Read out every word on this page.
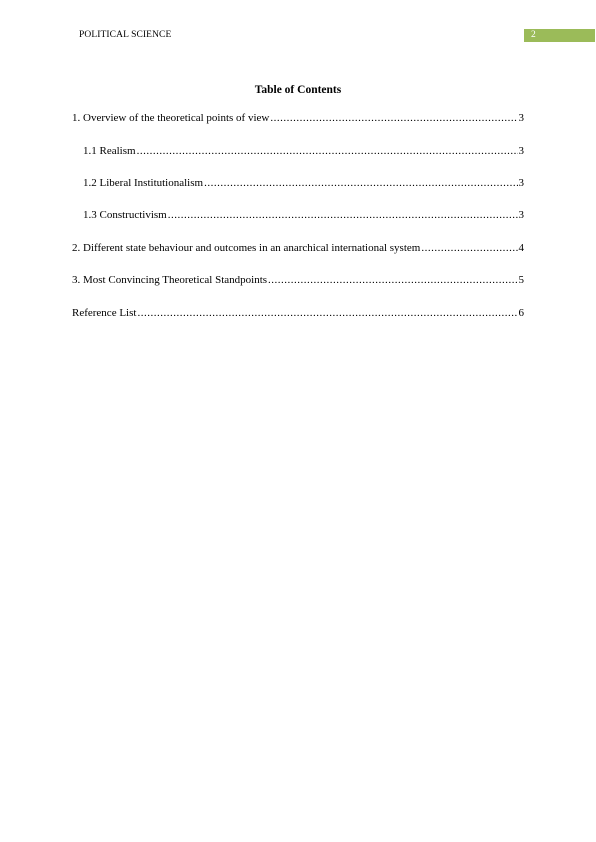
POLITICAL SCIENCE	2
Table of Contents
1. Overview of the theoretical points of view .....	3
1.1 Realism .....	3
1.2 Liberal Institutionalism .....	3
1.3 Constructivism .....	3
2. Different state behaviour and outcomes in an anarchical international system .....	4
3. Most Convincing Theoretical Standpoints .....	5
Reference List .....	6
